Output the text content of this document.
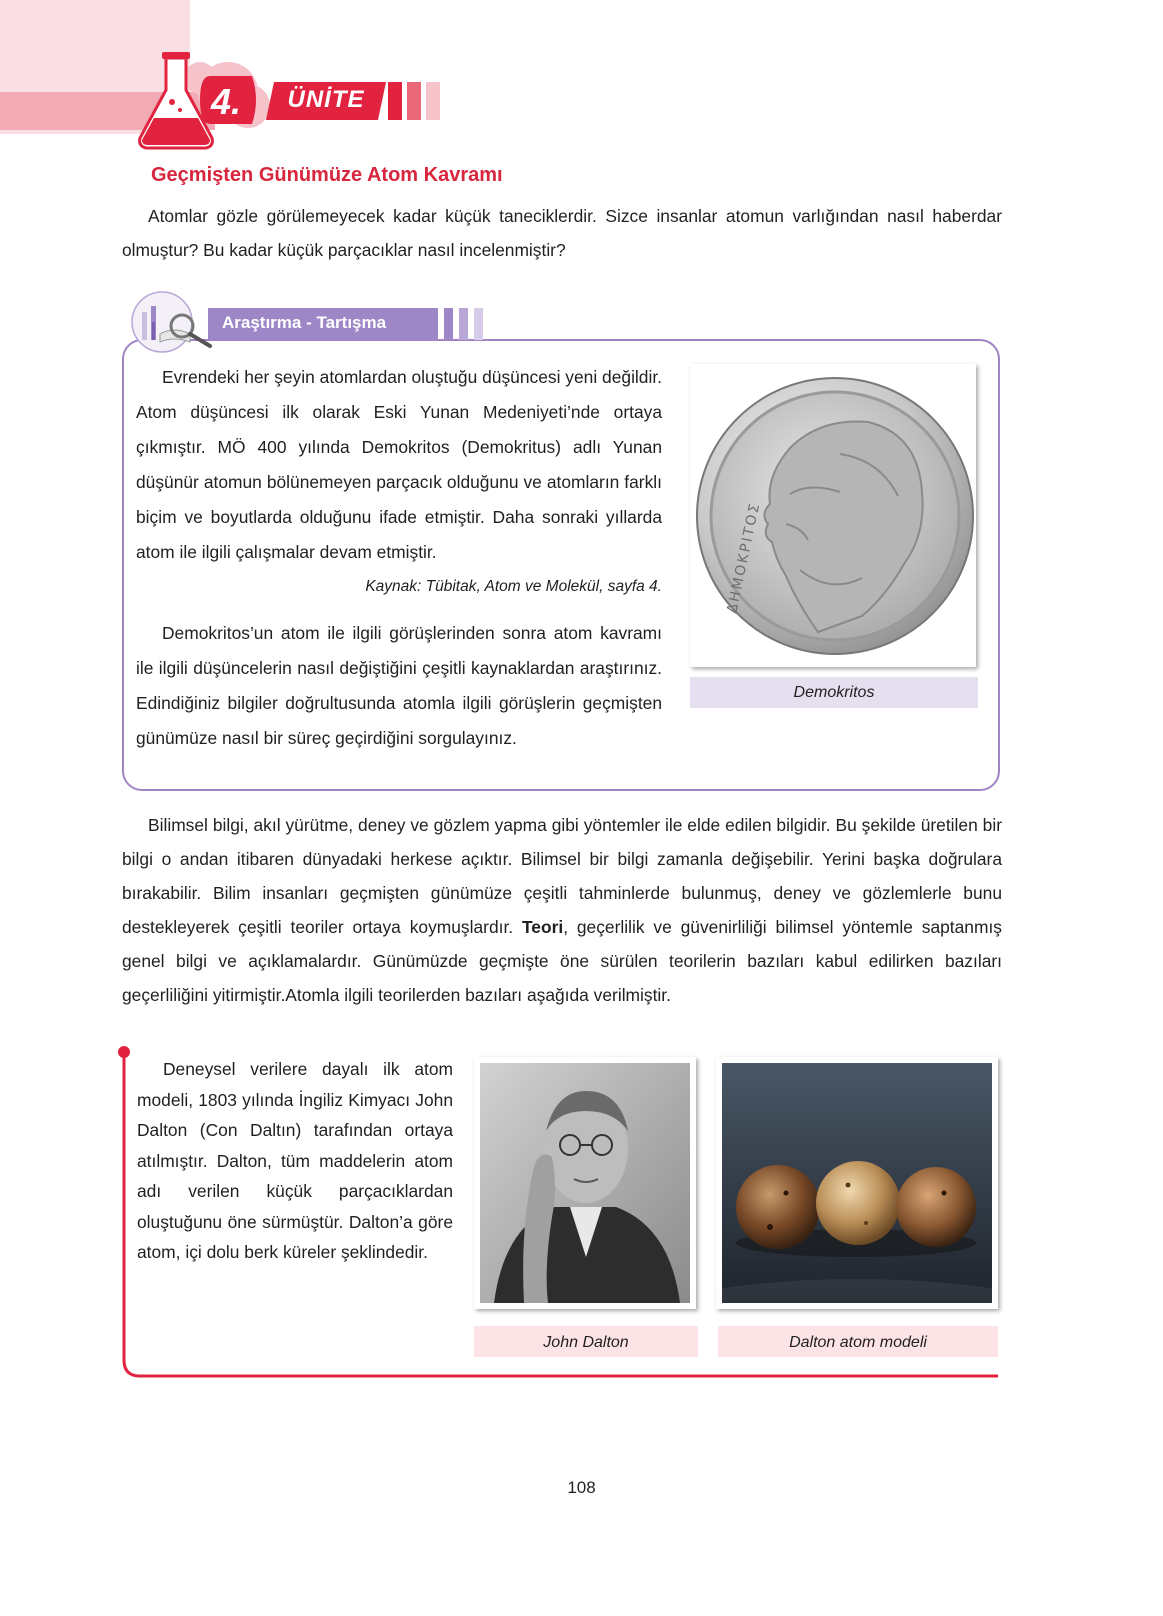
4.	ÜNİTE
Geçmişten Günümüze Atom Kavramı

Atomlar gözle görülemeyecek kadar küçük taneciklerdir. Sizce insanlar atomun varlığından nasıl haberdar olmuştur? Bu kadar küçük parçacıklar nasıl incelenmiştir?

Araştırma - Tartışma

Evrendeki her şeyin atomlardan oluştuğu düşüncesi yeni değildir. Atom düşüncesi ilk olarak Eski Yunan Medeniyeti’nde ortaya çıkmıştır. MÖ 400 yılında Demokritos (Demokritus) adlı Yunan düşünür atomun bölünemeyen parçacık olduğunu ve atomların farklı biçim ve boyutlarda olduğunu ifade etmiştir. Daha sonraki yıllarda atom ile ilgili çalışmalar devam etmiştir.

Kaynak: Tübitak, Atom ve Molekül, sayfa 4.

Demokritos’un atom ile ilgili görüşlerinden sonra atom kavramı ile ilgili düşüncelerin nasıl değiştiğini çeşitli kaynaklardan araştırınız. Edindiğiniz bilgiler doğrultusunda atomla ilgili görüşlerin geçmişten günümüze nasıl bir süreç geçirdiğini sorgulayınız.

ΔΗΜΟΚΡΙΤΟΣ
Demokritos

Bilimsel bilgi, akıl yürütme, deney ve gözlem yapma gibi yöntemler ile elde edilen bilgidir. Bu şekilde üretilen bir bilgi o andan itibaren dünyadaki herkese açıktır. Bilimsel bir bilgi zamanla değişebilir. Yerini başka doğrulara bırakabilir. Bilim insanları geçmişten günümüze çeşitli tahminlerde bulunmuş, deney ve gözlemlerle bunu destekleyerek çeşitli teoriler ortaya koymuşlardır. Teori, geçerlilik ve güvenirliliği bilimsel yöntemle saptanmış genel bilgi ve açıklamalardır. Günümüzde geçmişte öne sürülen teorilerin bazıları kabul edilirken bazıları geçerliliğini yitirmiştir.Atomla ilgili teorilerden bazıları aşağıda verilmiştir.

Deneysel verilere dayalı ilk atom modeli, 1803 yılında İngiliz Kimyacı John Dalton (Con Daltın) tarafından ortaya atılmıştır. Dalton, tüm maddelerin atom adı verilen küçük parçacıklardan oluştuğunu öne sürmüştür. Dalton’a göre atom, içi dolu berk küreler şeklindedir.

John Dalton	Dalton atom modeli
108
